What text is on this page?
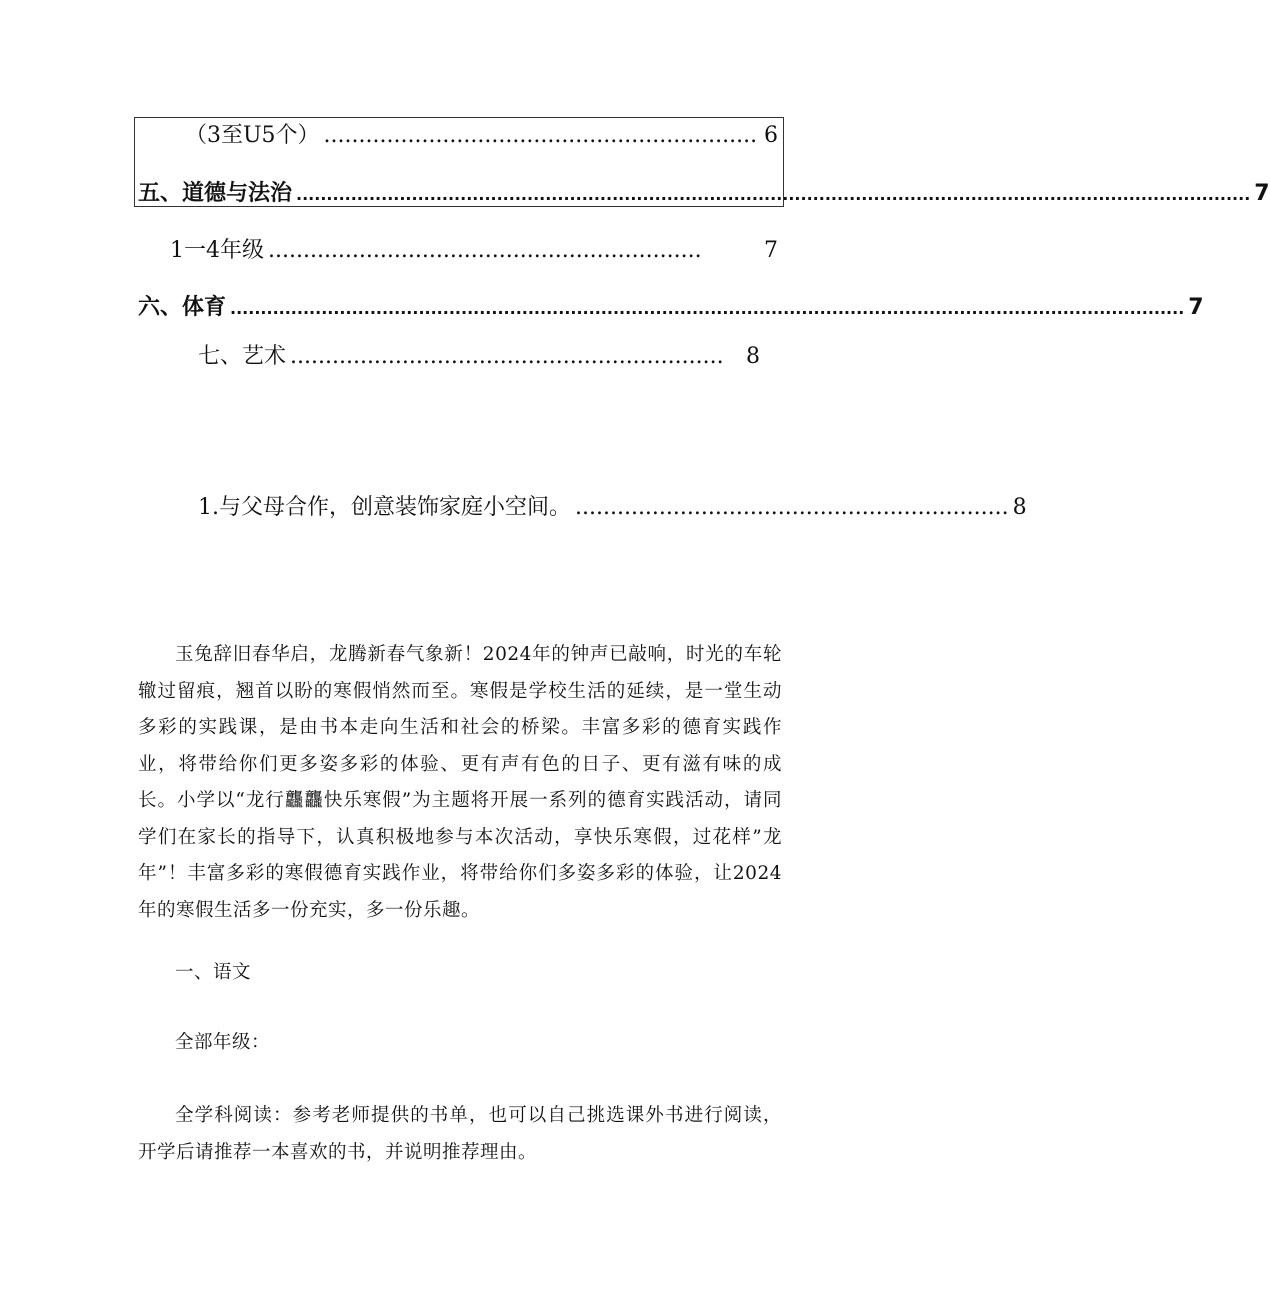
（3至U5个） .............................................................. 6
五、道德与法治 ............................................................................................................................................................. 7
1一4年级 ..............................................................	7
六、体育 ............................................................................................................................................................. 7
七、艺术 ..............................................................	8
1.与父母合作，创意装饰家庭小空间。 .............................................................. 8

玉兔辞旧春华启，龙腾新春气象新！2024年的钟声已敲响，时光的车轮辙过留痕，翘首以盼的寒假悄然而至。寒假是学校生活的延续，是一堂生动多彩的实践课，是由书本走向生活和社会的桥梁。丰富多彩的德育实践作业，将带给你们更多姿多彩的体验、更有声有色的日子、更有滋有味的成长。小学以“龙行龘龘快乐寒假”为主题将开展一系列的德育实践活动，请同学们在家长的指导下，认真积极地参与本次活动，享快乐寒假，过花样”龙年”！丰富多彩的寒假德育实践作业，将带给你们多姿多彩的体验，让2024年的寒假生活多一份充实，多一份乐趣。

一、语文

全部年级：

全学科阅读：参考老师提供的书单，也可以自己挑选课外书进行阅读，开学后请推荐一本喜欢的书，并说明推荐理由。
